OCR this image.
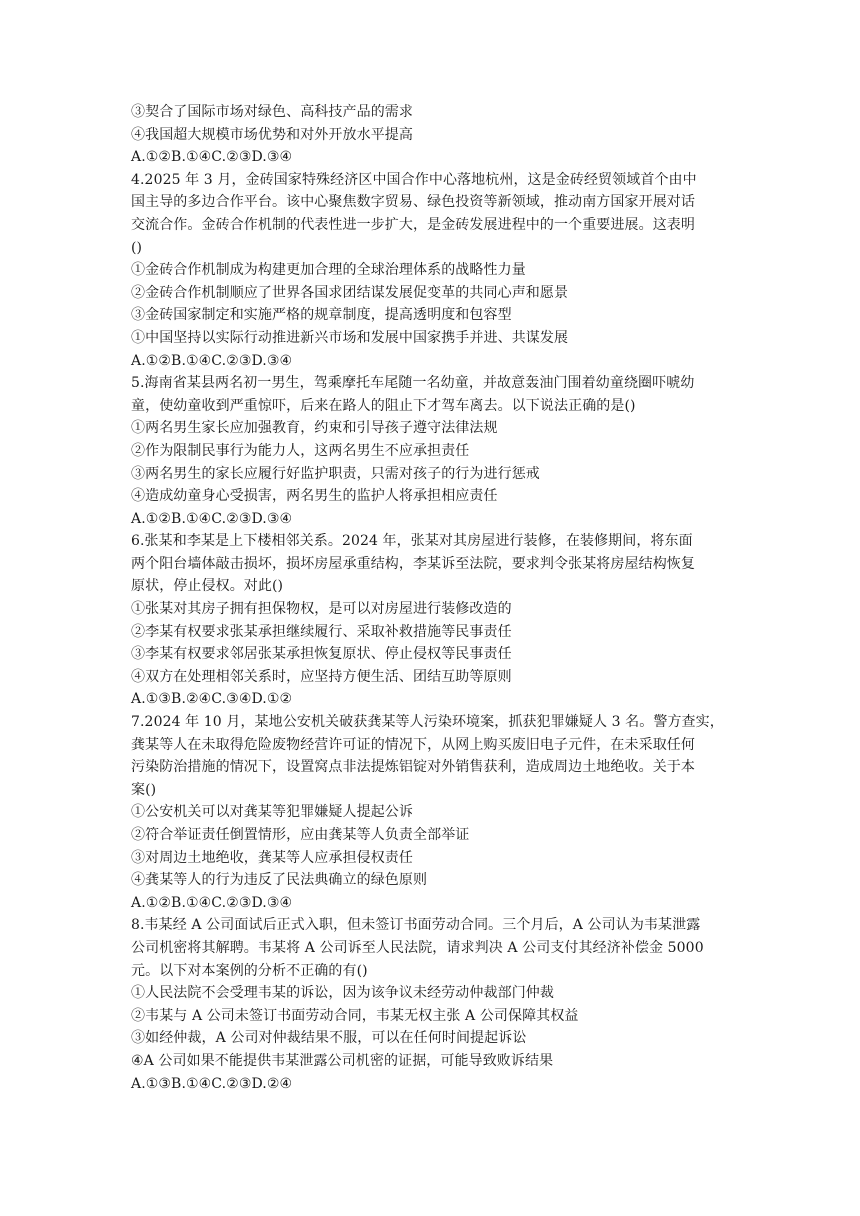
③契合了国际市场对绿色、高科技产品的需求
④我国超大规模市场优势和对外开放水平提高
A.①②B.①④C.②③D.③④
4.2025 年 3 月，金砖国家特殊经济区中国合作中心落地杭州，这是金砖经贸领域首个由中
国主导的多边合作平台。该中心聚焦数字贸易、绿色投资等新领域，推动南方国家开展对话
交流合作。金砖合作机制的代表性进一步扩大，是金砖发展进程中的一个重要进展。这表明
()
①金砖合作机制成为构建更加合理的全球治理体系的战略性力量
②金砖合作机制顺应了世界各国求团结谋发展促变革的共同心声和愿景
③金砖国家制定和实施严格的规章制度，提高透明度和包容型
①中国坚持以实际行动推进新兴市场和发展中国家携手并进、共谋发展
A.①②B.①④C.②③D.③④
5.海南省某县两名初一男生，驾乘摩托车尾随一名幼童，并故意轰油门围着幼童绕圈吓唬幼
童，使幼童收到严重惊吓，后来在路人的阻止下才驾车离去。以下说法正确的是()
①两名男生家长应加强教育，约束和引导孩子遵守法律法规
②作为限制民事行为能力人，这两名男生不应承担责任
③两名男生的家长应履行好监护职责，只需对孩子的行为进行惩戒
④造成幼童身心受损害，两名男生的监护人将承担相应责任
A.①②B.①④C.②③D.③④
6.张某和李某是上下楼相邻关系。2024 年，张某对其房屋进行装修，在装修期间，将东面
两个阳台墙体敲击损坏，损坏房屋承重结构，李某诉至法院，要求判令张某将房屋结构恢复
原状，停止侵权。对此()
①张某对其房子拥有担保物权，是可以对房屋进行装修改造的
②李某有权要求张某承担继续履行、采取补救措施等民事责任
③李某有权要求邻居张某承担恢复原状、停止侵权等民事责任
④双方在处理相邻关系时，应坚持方便生活、团结互助等原则
A.①③B.②④C.③④D.①②
7.2024 年 10 月，某地公安机关破获龚某等人污染环境案，抓获犯罪嫌疑人 3 名。警方查实，
龚某等人在未取得危险废物经营许可证的情况下，从网上购买废旧电子元件，在未采取任何
污染防治措施的情况下，设置窝点非法提炼铝锭对外销售获利，造成周边土地绝收。关于本
案()
①公安机关可以对龚某等犯罪嫌疑人提起公诉
②符合举证责任倒置情形，应由龚某等人负责全部举证
③对周边土地绝收，龚某等人应承担侵权责任
④龚某等人的行为违反了民法典确立的绿色原则
A.①②B.①④C.②③D.③④
8.韦某经 A 公司面试后正式入职，但未签订书面劳动合同。三个月后，A 公司认为韦某泄露
公司机密将其解聘。韦某将 A 公司诉至人民法院，请求判决 A 公司支付其经济补偿金 5000
元。以下对本案例的分析不正确的有()
①人民法院不会受理韦某的诉讼，因为该争议未经劳动仲裁部门仲裁
②韦某与 A 公司未签订书面劳动合同，韦某无权主张 A 公司保障其权益
③如经仲裁，A 公司对仲裁结果不服，可以在任何时间提起诉讼
④A 公司如果不能提供韦某泄露公司机密的证据，可能导致败诉结果
A.①③B.①④C.②③D.②④
